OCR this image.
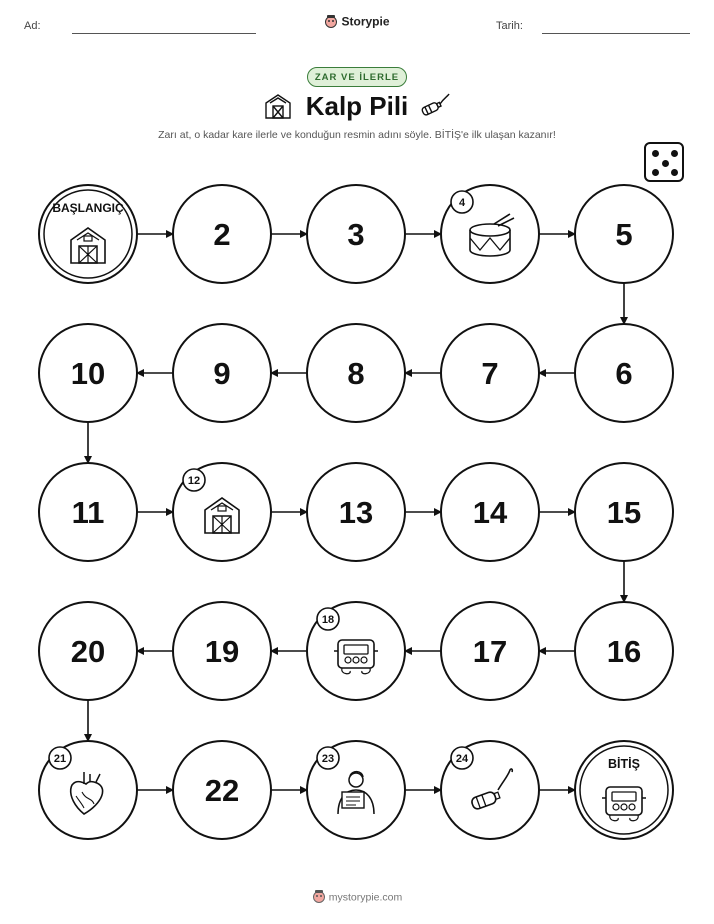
Ad:	Storypie	Tarih:
ZAR VE İLERLE
Kalp Pili
Zarı at, o kadar kare ilerle ve konduğun resmin adını söyle. BİTİŞ'e ilk ulaşan kazanır!
BAŞLANGIÇ
2	3
4
5
6
7
8
9
10
11
12
13	14	15
16
17
18
19
20
21
22
23	24	BİTİŞ
mystorypie.com
